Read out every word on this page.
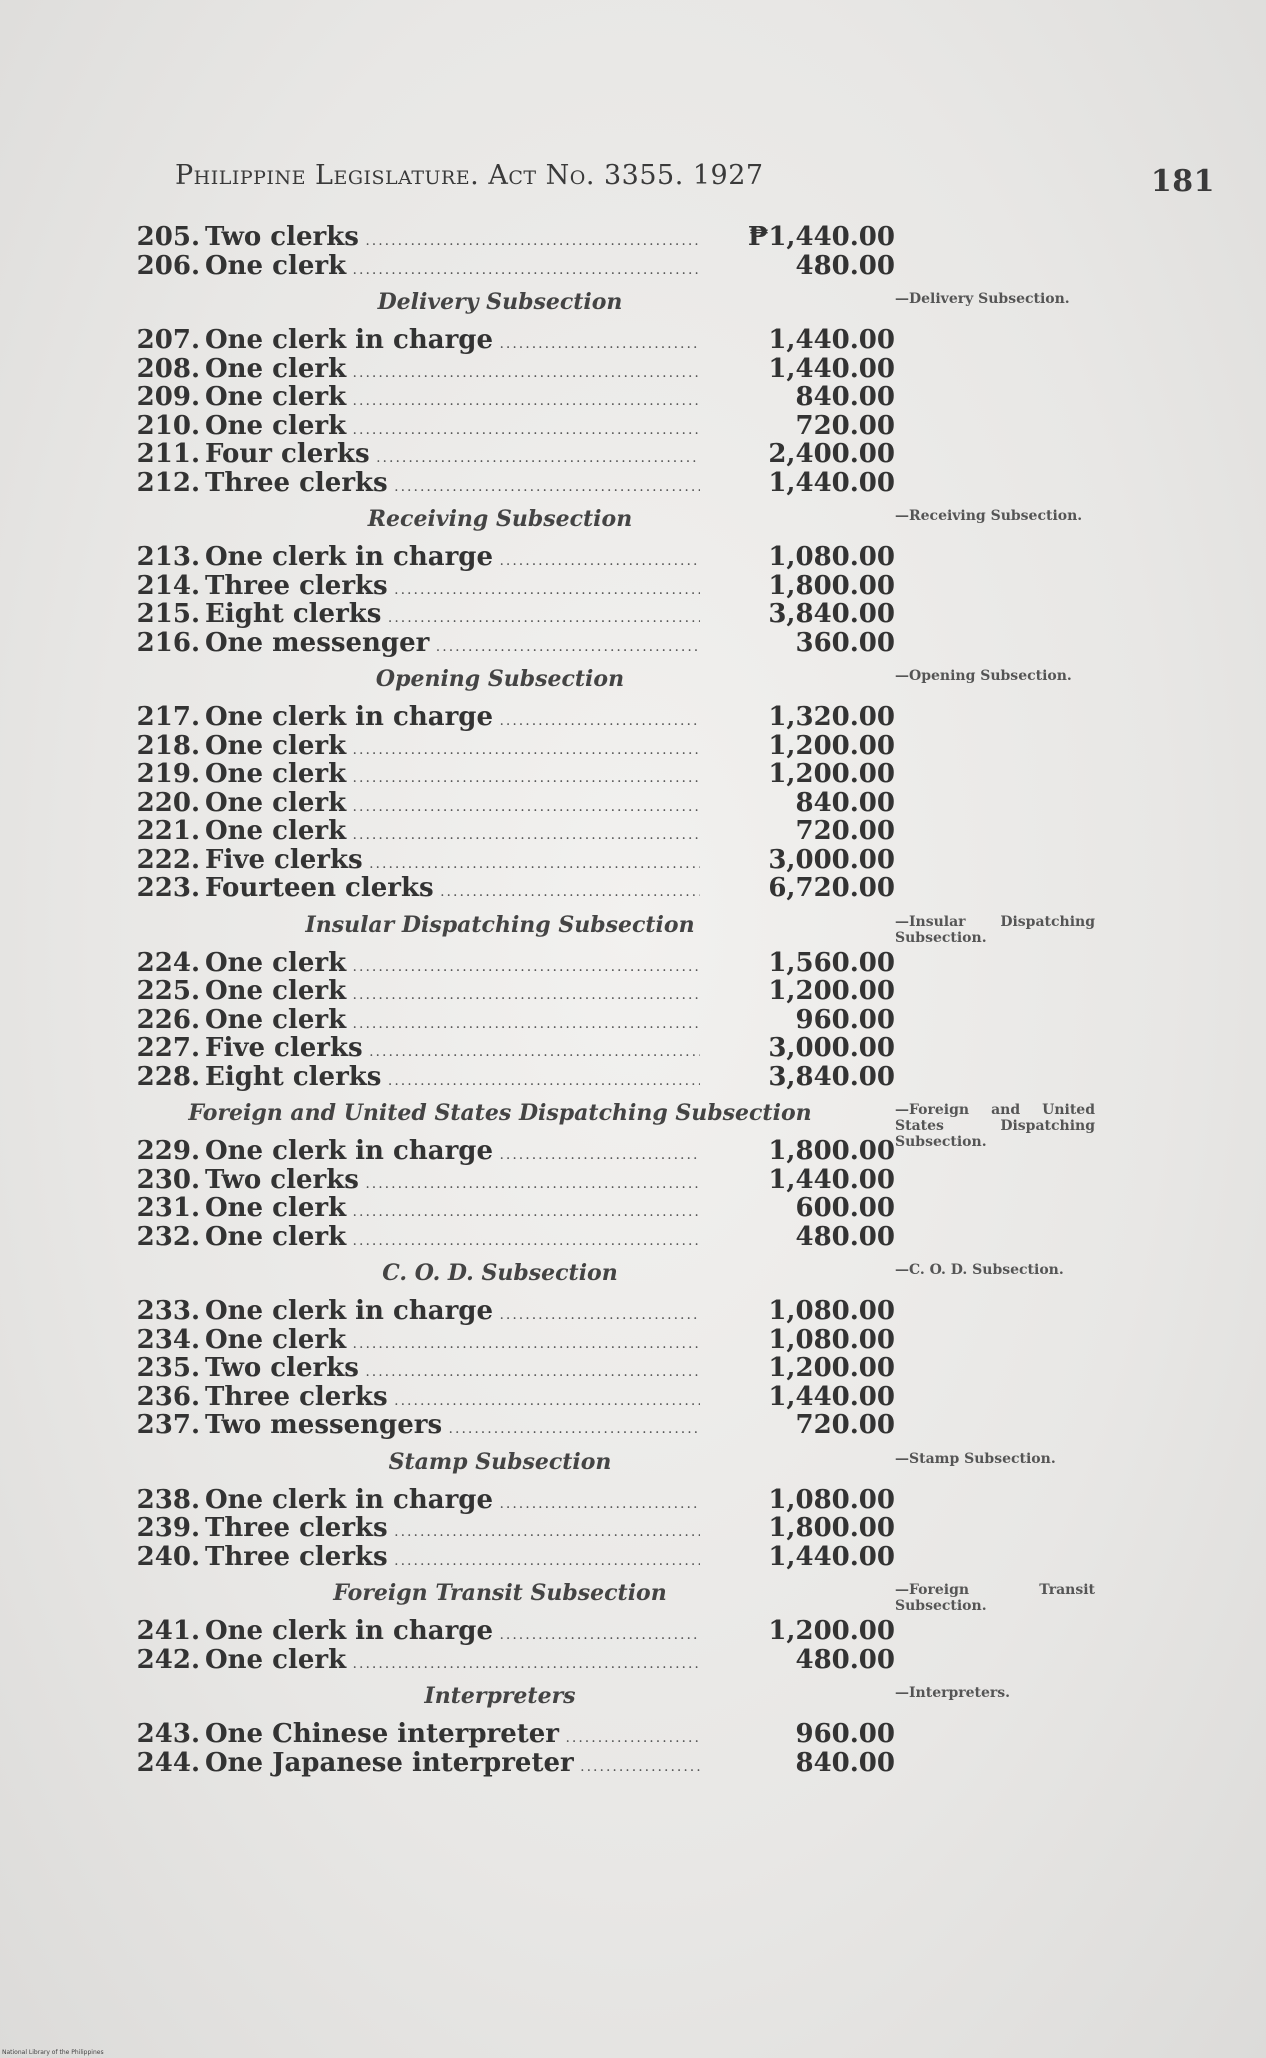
Philippine Legislature. Act No. 3355. 1927	181
205. Two clerks .....	₱1,440.00
206. One clerk .....	480.00
Delivery Subsection	—Delivery Subsection.
207. One clerk in charge .....	1,440.00
208. One clerk .....	1,440.00
209. One clerk .....	840.00
210. One clerk .....	720.00
211. Four clerks .....	2,400.00
212. Three clerks .....	1,440.00
Receiving Subsection	—Receiving Subsection.
213. One clerk in charge .....	1,080.00
214. Three clerks .....	1,800.00
215. Eight clerks .....	3,840.00
216. One messenger .....	360.00
Opening Subsection	—Opening Subsection.
217. One clerk in charge .....	1,320.00
218. One clerk .....	1,200.00
219. One clerk .....	1,200.00
220. One clerk .....	840.00
221. One clerk .....	720.00
222. Five clerks .....	3,000.00
223. Fourteen clerks .....	6,720.00
Insular Dispatching Subsection	—Insular Dispatching Subsection.
224. One clerk .....	1,560.00
225. One clerk .....	1,200.00
226. One clerk .....	960.00
227. Five clerks .....	3,000.00
228. Eight clerks .....	3,840.00
Foreign and United States Dispatching Subsection	—Foreign and United States Dispatching Subsection.
229. One clerk in charge .....	1,800.00
230. Two clerks .....	1,440.00
231. One clerk .....	600.00
232. One clerk .....	480.00
C. O. D. Subsection	—C. O. D. Subsection.
233. One clerk in charge .....	1,080.00
234. One clerk .....	1,080.00
235. Two clerks .....	1,200.00
236. Three clerks .....	1,440.00
237. Two messengers .....	720.00
Stamp Subsection	—Stamp Subsection.
238. One clerk in charge .....	1,080.00
239. Three clerks .....	1,800.00
240. Three clerks .....	1,440.00
Foreign Transit Subsection	—Foreign Transit Subsection.
241. One clerk in charge .....	1,200.00
242. One clerk .....	480.00
Interpreters	—Interpreters.
243. One Chinese interpreter .....	960.00
244. One Japanese interpreter .....	840.00
National Library of the Philippines
